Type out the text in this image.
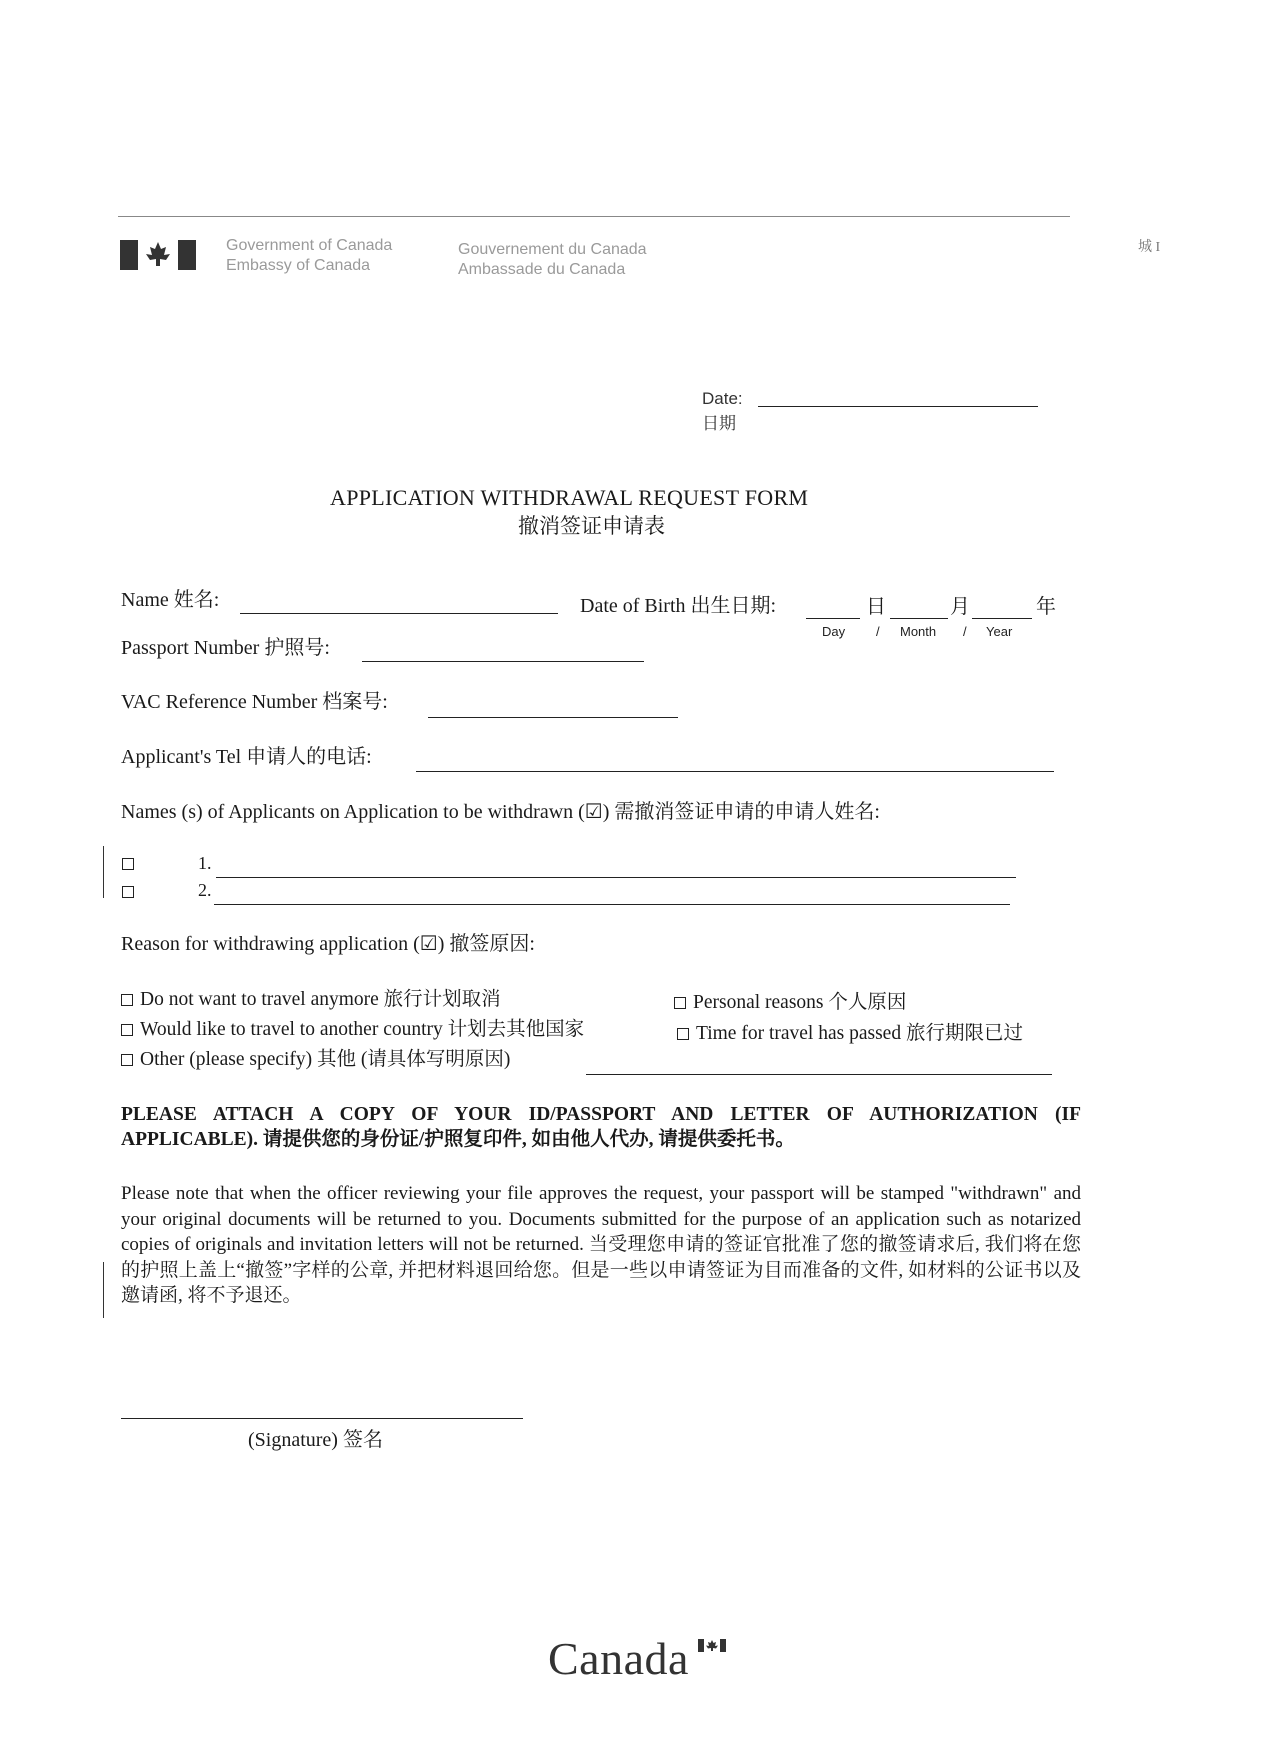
Government of Canada
Embassy of Canada
Gouvernement du Canada
Ambassade du Canada
城 I
Date:
日期
APPLICATION WITHDRAWAL REQUEST FORM
撤消签证申请表
Name 姓名:	Date of Birth 出生日期:	日	月	年
Day / Month / Year
Passport Number 护照号:
VAC Reference Number 档案号:
Applicant's Tel 申请人的电话:
Names (s) of Applicants on Application to be withdrawn (☑) 需撤消签证申请的申请人姓名:
1.
2.
Reason for withdrawing application (☑) 撤签原因:
Do not want to travel anymore 旅行计划取消
Would like to travel to another country 计划去其他国家
Other (please specify) 其他 (请具体写明原因)
Personal reasons 个人原因
Time for travel has passed 旅行期限已过
PLEASE ATTACH A COPY OF YOUR ID/PASSPORT AND LETTER OF AUTHORIZATION (IF APPLICABLE). 请提供您的身份证/护照复印件, 如由他人代办, 请提供委托书。
Please note that when the officer reviewing your file approves the request, your passport will be stamped "withdrawn" and your original documents will be returned to you. Documents submitted for the purpose of an application such as notarized copies of originals and invitation letters will not be returned. 当受理您申请的签证官批准了您的撤签请求后, 我们将在您的护照上盖上“撤签”字样的公章, 并把材料退回给您。但是一些以申请签证为目而准备的文件, 如材料的公证书以及邀请函, 将不予退还。
(Signature) 签名
Canada
